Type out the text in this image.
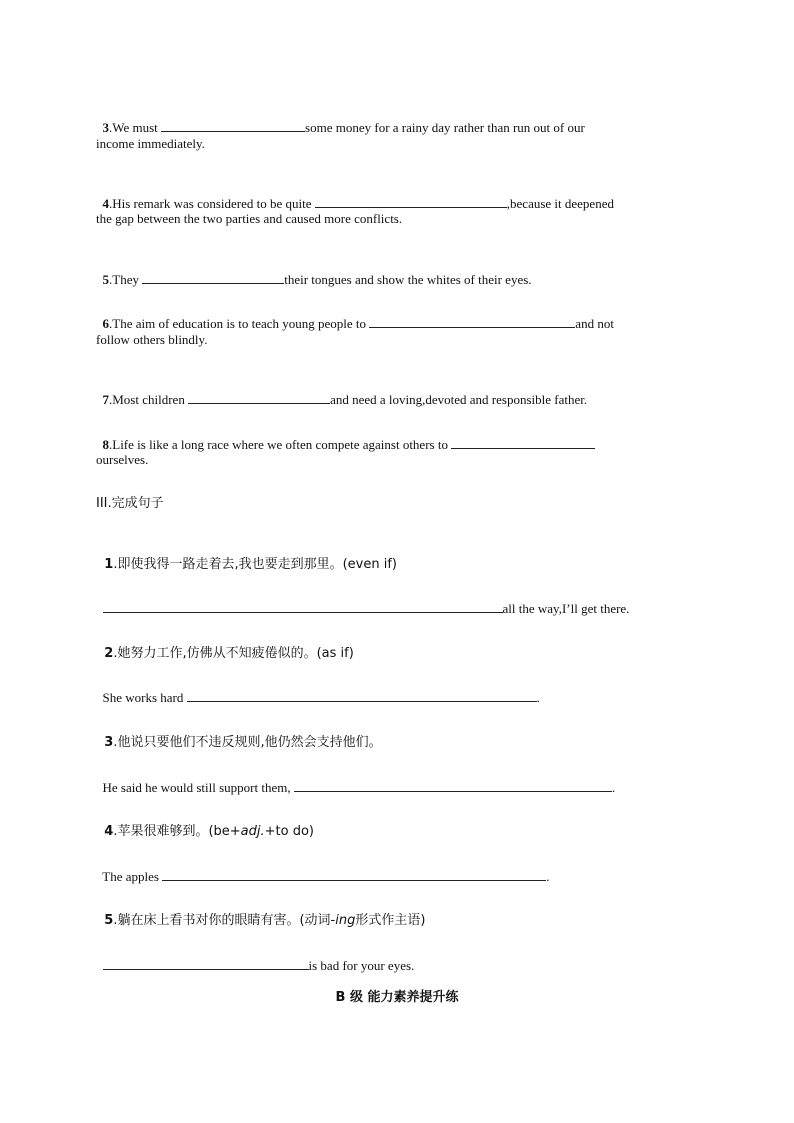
3.We must	some money for a rainy day rather than run out of our

income immediately.

4.His remark was considered to be quite	,because it deepened

the gap between the two parties and caused more conflicts.

5.They	their tongues and show the whites of their eyes.

6.The aim of education is to teach young people to	and not

follow others blindly.

7.Most children	and need a loving,devoted and responsible father.

8.Life is like a long race where we often compete against others to

ourselves.
III.完成句子

1.即使我得一路走着去,我也要走到那里。(even if)

all the way,I’ll get there.

2.她努力工作,仿佛从不知疲倦似的。(as if)

She works hard	.

3.他说只要他们不违反规则,他仍然会支持他们。

He said he would still support them,	.

4.苹果很难够到。(be+adj.+to do)

The apples	.

5.躺在床上看书对你的眼睛有害。(动词-ing形式作主语)

is bad for your eyes.

B 级 能力素养提升练
